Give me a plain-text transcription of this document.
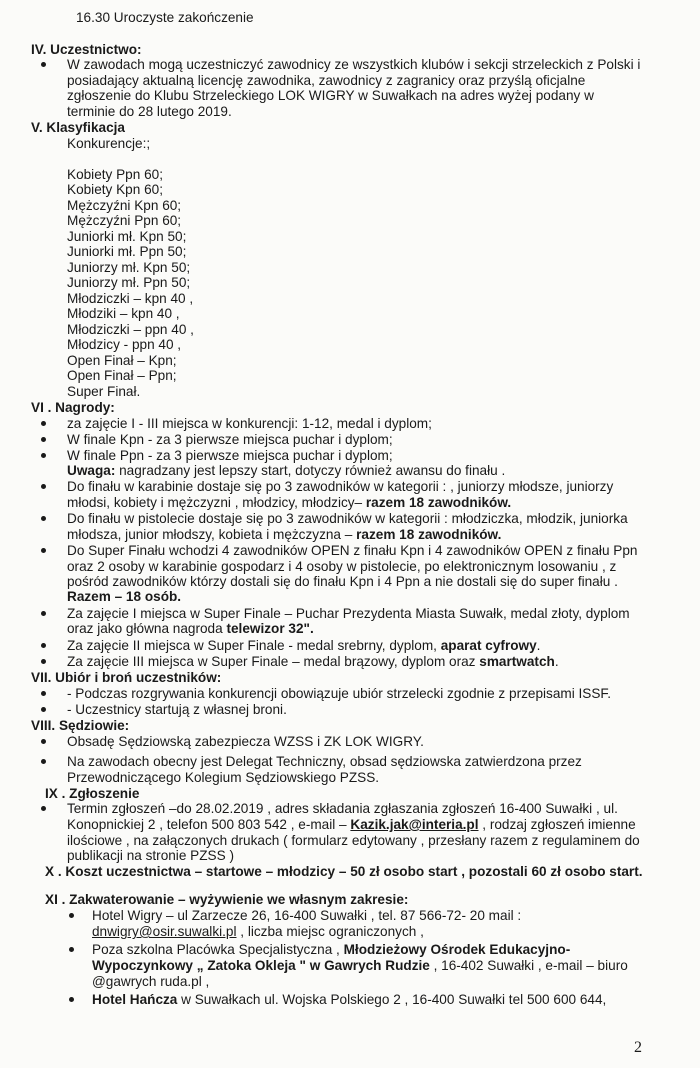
16.30 Uroczyste zakończenie
IV. Uczestnictwo:
W zawodach mogą uczestniczyć zawodnicy ze wszystkich klubów i sekcji strzeleckich z Polski i
posiadający aktualną licencję zawodnika, zawodnicy z zagranicy oraz przyślą oficjalne
zgłoszenie do Klubu Strzeleckiego LOK WIGRY w Suwałkach na adres wyżej podany w
terminie do 28 lutego 2019.
V. Klasyfikacja
Konkurencje:;
Kobiety Ppn 60;
Kobiety Kpn 60;
Mężczyźni Kpn 60;
Mężczyźni Ppn 60;
Juniorki mł. Kpn 50;
Juniorki mł. Ppn 50;
Juniorzy mł. Kpn 50;
Juniorzy mł. Ppn 50;
Młodziczki – kpn 40 ,
Młodziki – kpn 40 ,
Młodziczki – ppn 40 ,
Młodzicy - ppn 40 ,
Open Finał – Kpn;
Open Finał – Ppn;
Super Finał.
VI . Nagrody:
za zajęcie I - III miejsca w konkurencji: 1-12, medal i dyplom;
W finale Kpn - za 3 pierwsze miejsca puchar i dyplom;
W finale Ppn - za 3 pierwsze miejsca puchar i dyplom;
Uwaga: nagradzany jest lepszy start, dotyczy również awansu do finału .
Do finału w karabinie dostaje się po 3 zawodników w kategorii : , juniorzy młodsze, juniorzy
młodsi, kobiety i mężczyzni , młodzicy, młodzicy– razem 18 zawodników.
Do finału w pistolecie dostaje się po 3 zawodników w kategorii : młodziczka, młodzik, juniorka
młodsza, junior młodszy, kobieta i mężczyzna – razem 18 zawodników.
Do Super Finału wchodzi 4 zawodników OPEN z finału Kpn i 4 zawodników OPEN z finału Ppn
oraz 2 osoby w karabinie gospodarz i 4 osoby w pistolecie, po elektronicznym losowaniu , z
pośród zawodników którzy dostali się do finału Kpn i 4 Ppn a nie dostali się do super finału .
Razem – 18 osób.
Za zajęcie I miejsca w Super Finale – Puchar Prezydenta Miasta Suwałk, medal złoty, dyplom
oraz jako główna nagroda telewizor 32".
Za zajęcie II miejsca w Super Finale - medal srebrny, dyplom, aparat cyfrowy.
Za zajęcie III miejsca w Super Finale – medal brązowy, dyplom oraz smartwatch.
VII. Ubiór i broń uczestników:
- Podczas rozgrywania konkurencji obowiązuje ubiór strzelecki zgodnie z przepisami ISSF.
- Uczestnicy startują z własnej broni.
VIII. Sędziowie:
Obsadę Sędziowską zabezpiecza WZSS i ZK LOK WIGRY.
Na zawodach obecny jest Delegat Techniczny, obsad sędziowska zatwierdzona przez
Przewodniczącego Kolegium Sędziowskiego PZSS.
IX . Zgłoszenie
Termin zgłoszeń –do 28.02.2019 , adres składania zgłaszania zgłoszeń 16-400 Suwałki , ul.
Konopnickiej 2 , telefon 500 803 542 , e-mail – Kazik.jak@interia.pl , rodzaj zgłoszeń imienne
ilościowe , na załączonych drukach ( formularz edytowany , przesłany razem z regulaminem do
publikacji na stronie PZSS )
X . Koszt uczestnictwa – startowe – młodzicy – 50 zł osobo start , pozostali 60 zł osobo start.
XI . Zakwaterowanie – wyżywienie we własnym zakresie:
Hotel Wigry – ul Zarzecze 26, 16-400 Suwałki , tel. 87 566-72- 20 mail :
dnwigry@osir.suwalki.pl , liczba miejsc ograniczonych ,
Poza szkolna Placówka Specjalistyczna , Młodzieżowy Ośrodek Edukacyjno-
Wypoczynkowy „ Zatoka Okleja " w Gawrych Rudzie , 16-402 Suwałki , e-mail – biuro
@gawrych ruda.pl ,
Hotel Hańcza w Suwałkach ul. Wojska Polskiego 2 , 16-400 Suwałki tel 500 600 644,
2
